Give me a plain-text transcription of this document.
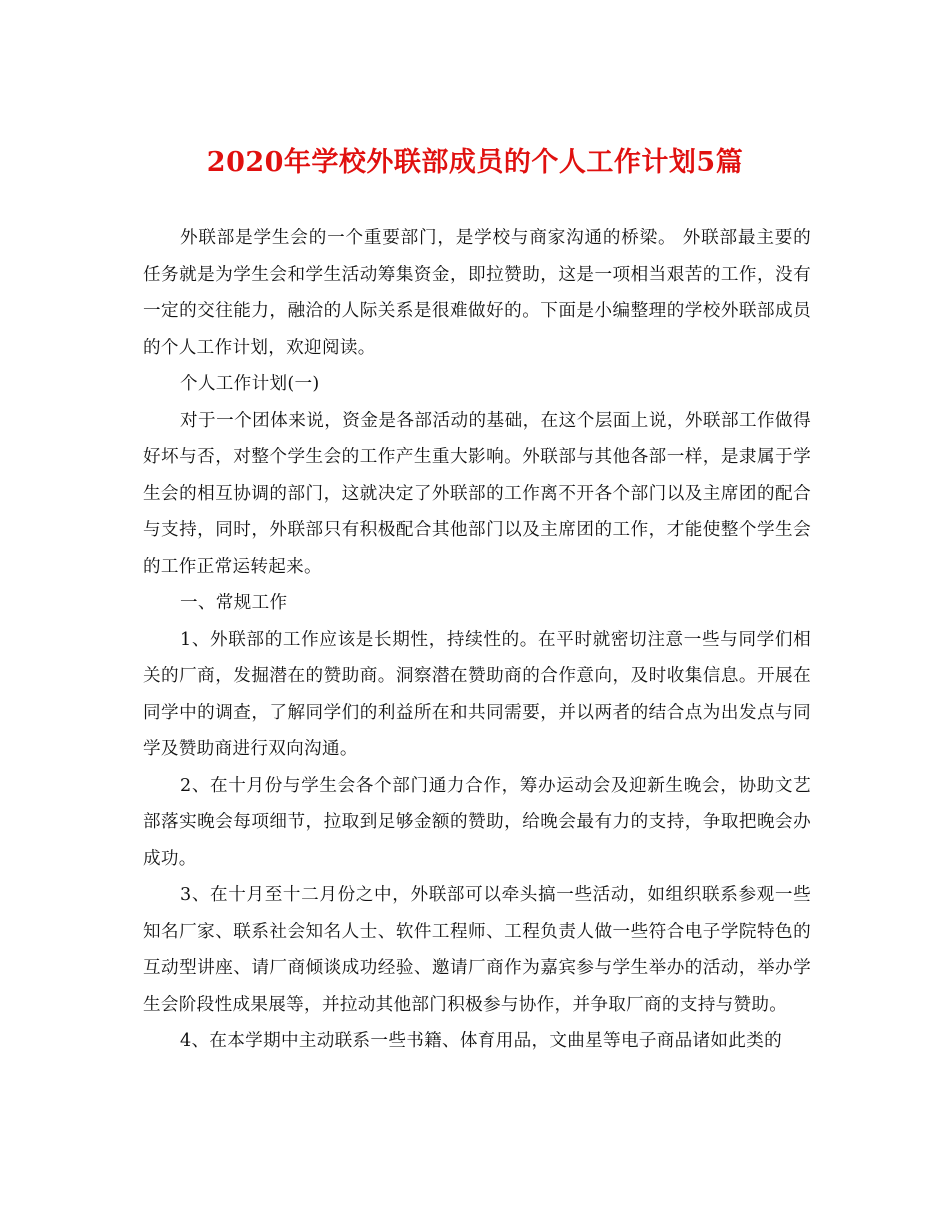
2020年学校外联部成员的个人工作计划5篇

外联部是学生会的一个重要部门，是学校与商家沟通的桥梁。 外联部最主要的任务就是为学生会和学生活动筹集资金，即拉赞助，这是一项相当艰苦的工作，没有一定的交往能力，融洽的人际关系是很难做好的。下面是小编整理的学校外联部成员的个人工作计划，欢迎阅读。

个人工作计划(一)

对于一个团体来说，资金是各部活动的基础，在这个层面上说，外联部工作做得好坏与否，对整个学生会的工作产生重大影响。外联部与其他各部一样，是隶属于学生会的相互协调的部门，这就决定了外联部的工作离不开各个部门以及主席团的配合与支持，同时，外联部只有积极配合其他部门以及主席团的工作，才能使整个学生会的工作正常运转起来。

一、常规工作

1、外联部的工作应该是长期性，持续性的。在平时就密切注意一些与同学们相关的厂商，发掘潜在的赞助商。洞察潜在赞助商的合作意向，及时收集信息。开展在同学中的调查，了解同学们的利益所在和共同需要，并以两者的结合点为出发点与同学及赞助商进行双向沟通。

2、在十月份与学生会各个部门通力合作，筹办运动会及迎新生晚会，协助文艺部落实晚会每项细节，拉取到足够金额的赞助，给晚会最有力的支持，争取把晚会办成功。

3、在十月至十二月份之中，外联部可以牵头搞一些活动，如组织联系参观一些知名厂家、联系社会知名人士、软件工程师、工程负责人做一些符合电子学院特色的互动型讲座、请厂商倾谈成功经验、邀请厂商作为嘉宾参与学生举办的活动，举办学生会阶段性成果展等，并拉动其他部门积极参与协作，并争取厂商的支持与赞助。

4、在本学期中主动联系一些书籍、体育用品，文曲星等电子商品诸如此类的
